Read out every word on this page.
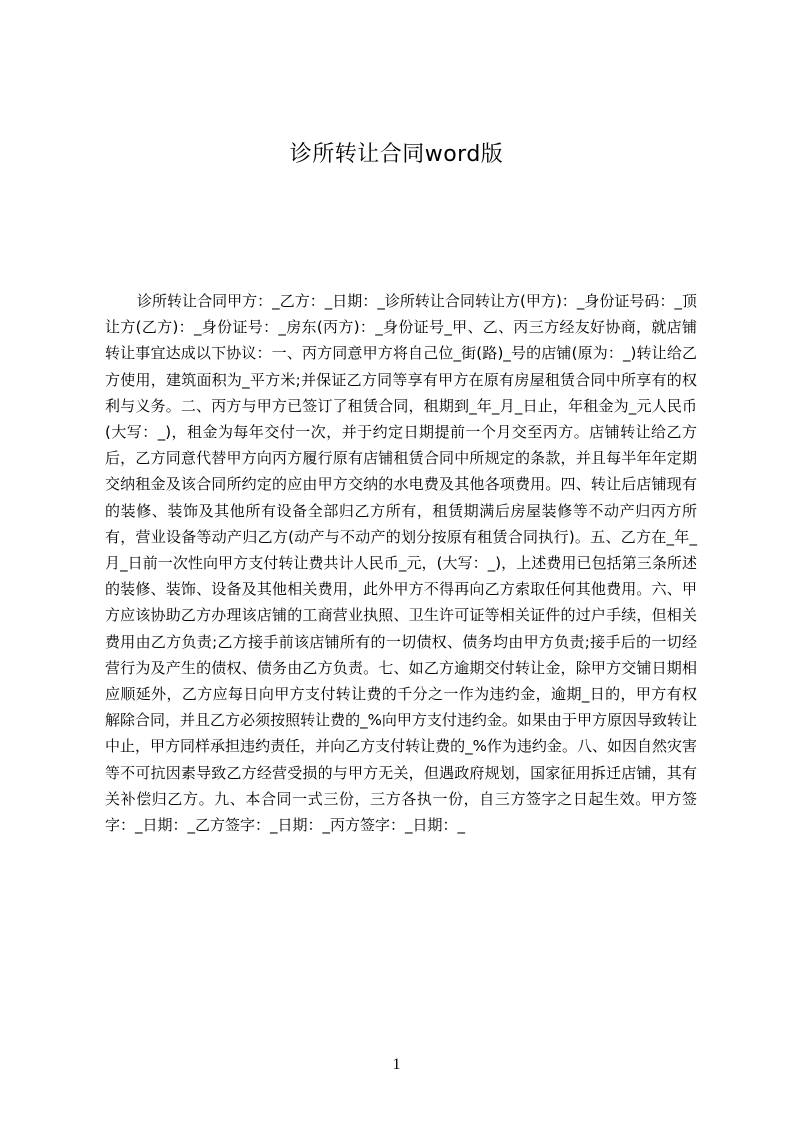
诊所转让合同word版

诊所转让合同甲方：_乙方：_日期：_诊所转让合同转让方(甲方)：_身份证号码：_顶让方(乙方)：_身份证号：_房东(丙方)：_身份证号_甲、乙、丙三方经友好协商，就店铺转让事宜达成以下协议：一、丙方同意甲方将自己位_街(路)_号的店铺(原为：_)转让给乙方使用，建筑面积为_平方米;并保证乙方同等享有甲方在原有房屋租赁合同中所享有的权利与义务。二、丙方与甲方已签订了租赁合同，租期到_年_月_日止，年租金为_元人民币(大写：_)，租金为每年交付一次，并于约定日期提前一个月交至丙方。店铺转让给乙方后，乙方同意代替甲方向丙方履行原有店铺租赁合同中所规定的条款，并且每半年年定期交纳租金及该合同所约定的应由甲方交纳的水电费及其他各项费用。四、转让后店铺现有的装修、装饰及其他所有设备全部归乙方所有，租赁期满后房屋装修等不动产归丙方所有，营业设备等动产归乙方(动产与不动产的划分按原有租赁合同执行)。五、乙方在_年_月_日前一次性向甲方支付转让费共计人民币_元，(大写：_)，上述费用已包括第三条所述的装修、装饰、设备及其他相关费用，此外甲方不得再向乙方索取任何其他费用。六、甲方应该协助乙方办理该店铺的工商营业执照、卫生许可证等相关证件的过户手续，但相关费用由乙方负责;乙方接手前该店铺所有的一切债权、债务均由甲方负责;接手后的一切经营行为及产生的债权、债务由乙方负责。七、如乙方逾期交付转让金，除甲方交铺日期相应顺延外，乙方应每日向甲方支付转让费的千分之一作为违约金，逾期_日的，甲方有权解除合同，并且乙方必须按照转让费的_%向甲方支付违约金。如果由于甲方原因导致转让中止，甲方同样承担违约责任，并向乙方支付转让费的_%作为违约金。八、如因自然灾害等不可抗因素导致乙方经营受损的与甲方无关，但遇政府规划，国家征用拆迁店铺，其有关补偿归乙方。九、本合同一式三份，三方各执一份，自三方签字之日起生效。甲方签字：_日期：_乙方签字：_日期：_丙方签字：_日期：_

1
